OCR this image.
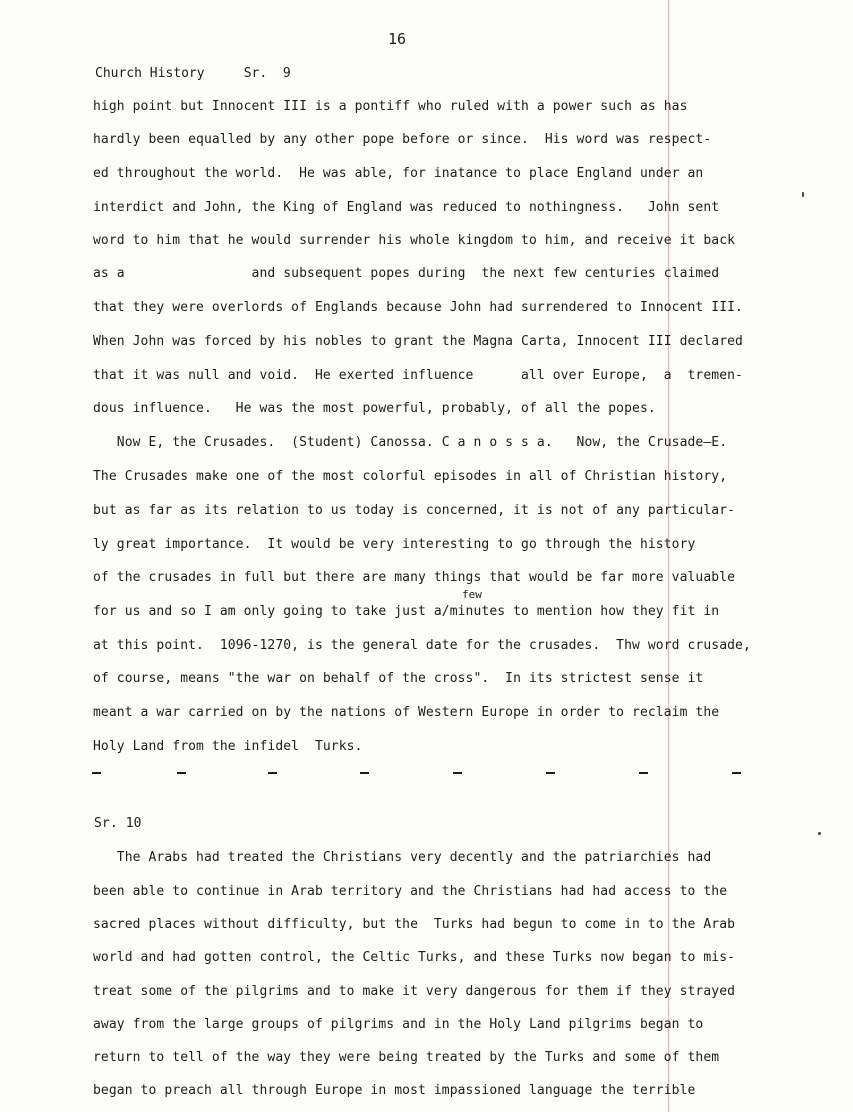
16
Church History	Sr.  9
high point but Innocent III is a pontiff who ruled with a power such as has
hardly been equalled by any other pope before or since.  His word was respect-
ed throughout the world.  He was able, for inatance to place England under an
interdict and John, the King of England was reduced to nothingness.   John sent
word to him that he would surrender his whole kingdom to him, and receive it back
as a                and subsequent popes during  the next few centuries claimed
that they were overlords of Englands because John had surrendered to Innocent III.
When John was forced by his nobles to grant the Magna Carta, Innocent III declared
that it was null and void.  He exerted influence      all over Europe,  a  tremen-
dous influence.   He was the most powerful, probably, of all the popes.
Now E, the Crusades.  (Student) Canossa. C a n o s s a.   Now, the Crusade—E.
The Crusades make one of the most colorful episodes in all of Christian history,
but as far as its relation to us today is concerned, it is not of any particular-
ly great importance.  It would be very interesting to go through the history
of the crusades in full but there are many things that would be far more valuable
few
for us and so I am only going to take just a/minutes to mention how they fit in
at this point.  1096-1270, is the general date for the crusades.  Thw word crusade,
of course, means "the war on behalf of the cross".  In its strictest sense it
meant a war carried on by the nations of Western Europe in order to reclaim the
Holy Land from the infidel  Turks.
Sr. 10
The Arabs had treated the Christians very decently and the patriarchies had
been able to continue in Arab territory and the Christians had had access to the
sacred places without difficulty, but the  Turks had begun to come in to the Arab
world and had gotten control, the Celtic Turks, and these Turks now began to mis-
treat some of the pilgrims and to make it very dangerous for them if they strayed
away from the large groups of pilgrims and in the Holy Land pilgrims began to
return to tell of the way they were being treated by the Turks and some of them
began to preach all through Europe in most impassioned language the terrible
